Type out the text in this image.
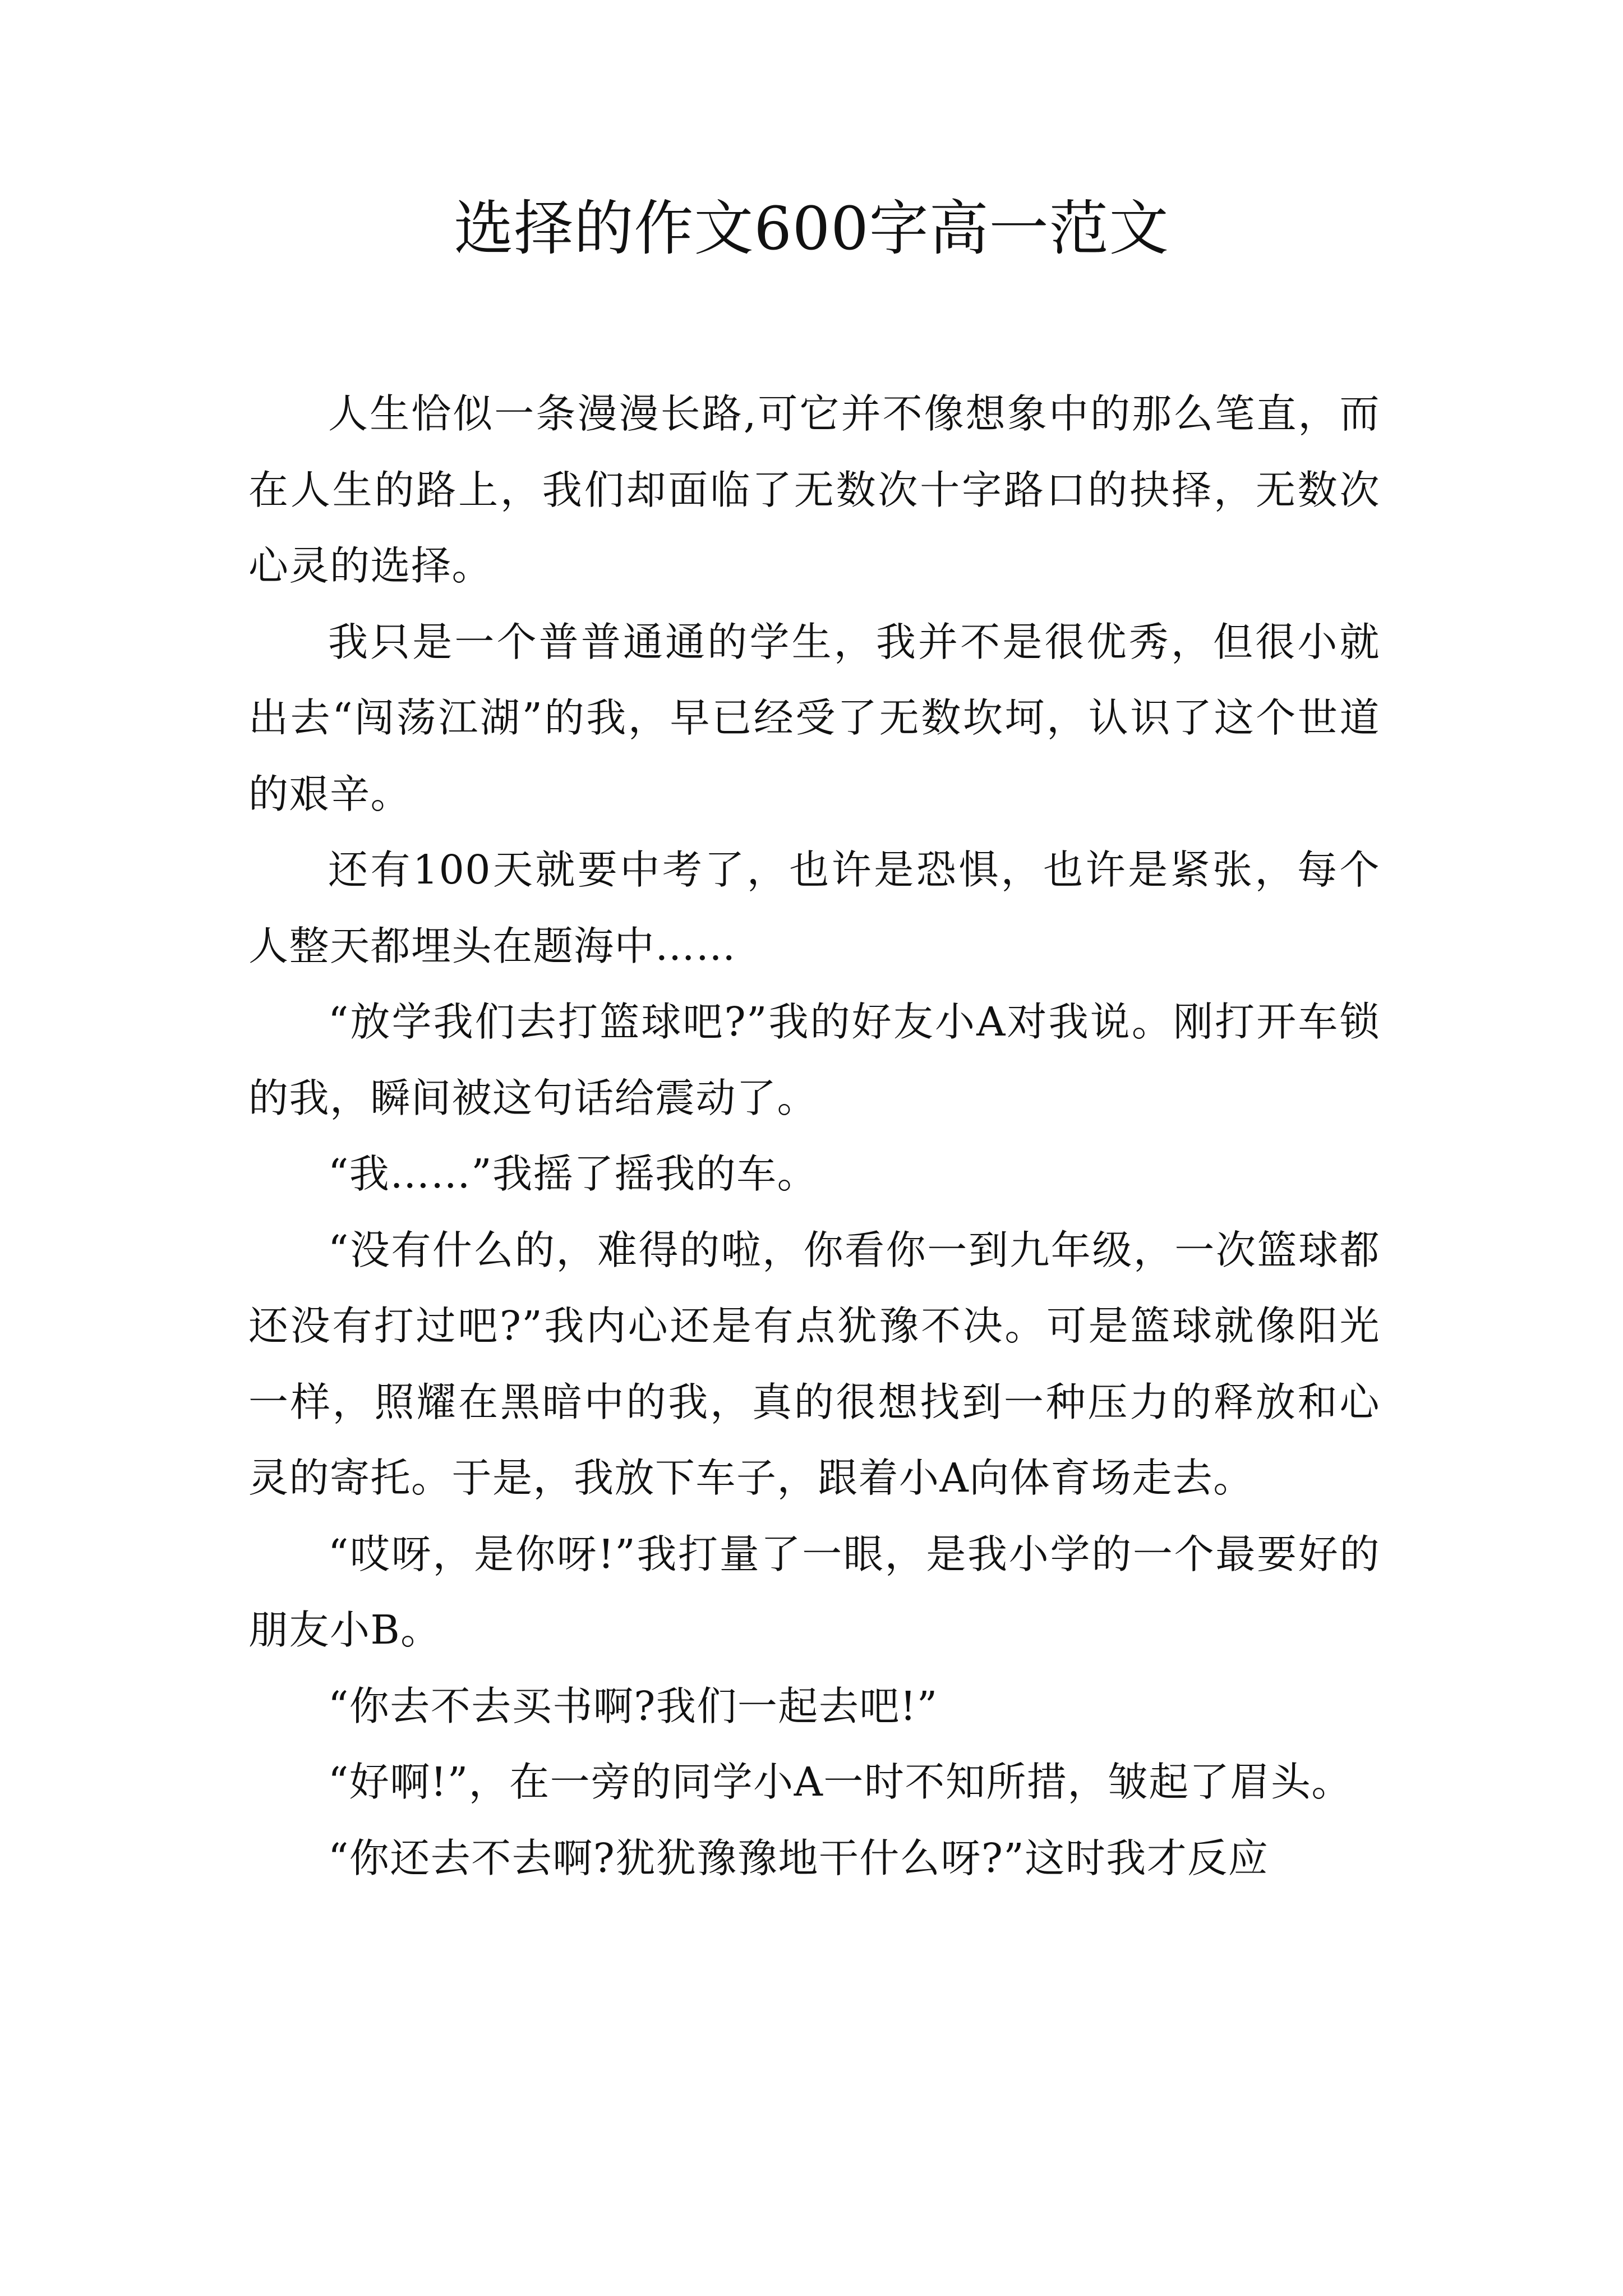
选择的作文600字高一范文

人生恰似一条漫漫长路,可它并不像想象中的那么笔直，而在人生的路上，我们却面临了无数次十字路口的抉择，无数次心灵的选择。

我只是一个普普通通的学生，我并不是很优秀，但很小就出去“闯荡江湖”的我，早已经受了无数坎坷，认识了这个世道的艰辛。

还有100天就要中考了，也许是恐惧，也许是紧张，每个人整天都埋头在题海中……

“放学我们去打篮球吧?”我的好友小A对我说。刚打开车锁的我，瞬间被这句话给震动了。

“我……”我摇了摇我的车。

“没有什么的，难得的啦，你看你一到九年级，一次篮球都还没有打过吧?”我内心还是有点犹豫不决。可是篮球就像阳光一样，照耀在黑暗中的我，真的很想找到一种压力的释放和心灵的寄托。于是，我放下车子，跟着小A向体育场走去。

“哎呀，是你呀!”我打量了一眼，是我小学的一个最要好的朋友小B。

“你去不去买书啊?我们一起去吧!”

“好啊!”，在一旁的同学小A一时不知所措，皱起了眉头。

“你还去不去啊?犹犹豫豫地干什么呀?”这时我才反应
